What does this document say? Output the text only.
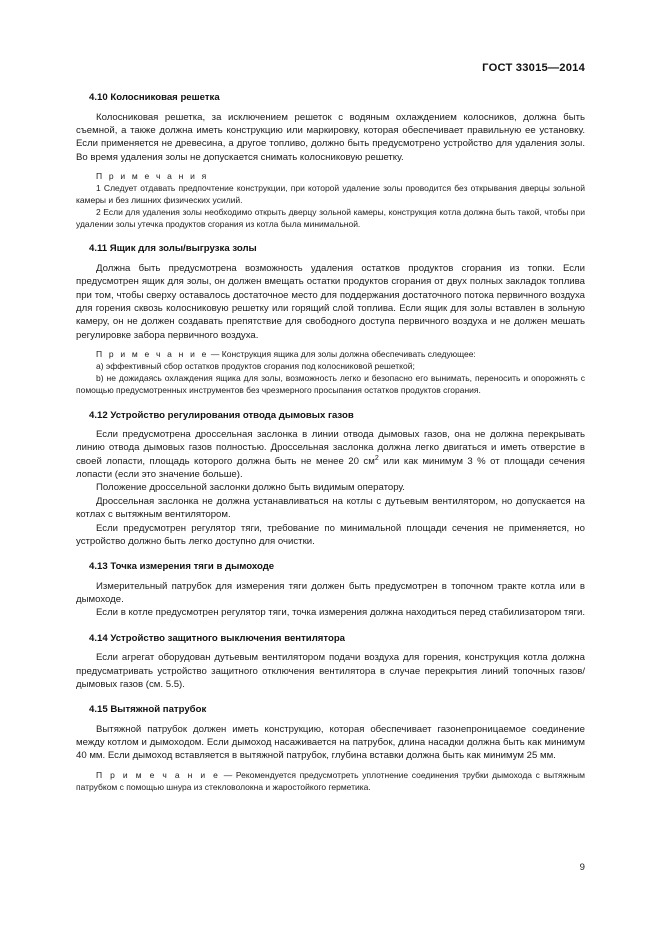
ГОСТ 33015—2014
4.10 Колосниковая решетка

Колосниковая решетка, за исключением решеток с водяным охлаждением колосников, должна быть съемной, а также должна иметь конструкцию или маркировку, которая обеспечивает правильную ее установку. Если применяется не древесина, а другое топливо, должно быть предусмотрено устройство для удаления золы. Во время удаления золы не допускается снимать колосниковую решетку.

П р и м е ч а н и я

1 Следует отдавать предпочтение конструкции, при которой удаление золы проводится без открывания дверцы зольной камеры и без лишних физических усилий.

2 Если для удаления золы необходимо открыть дверцу зольной камеры, конструкция котла должна быть такой, чтобы при удалении золы утечка продуктов сгорания из котла была минимальной.

4.11 Ящик для золы/выгрузка золы

Должна быть предусмотрена возможность удаления остатков продуктов сгорания из топки. Если предусмотрен ящик для золы, он должен вмещать остатки продуктов сгорания от двух полных закладок топлива при том, чтобы сверху оставалось достаточное место для поддержания достаточного потока первичного воздуха для горения сквозь колосниковую решетку или горящий слой топлива. Если ящик для золы вставлен в зольную камеру, он не должен создавать препятствие для свободного доступа первичного воздуха и не должен мешать регулировке забора первичного воздуха.

П р и м е ч а н и е — Конструкция ящика для золы должна обеспечивать следующее:

a) эффективный сбор остатков продуктов сгорания под колосниковой решеткой;

b) не дожидаясь охлаждения ящика для золы, возможность легко и безопасно его вынимать, переносить и опорожнять с помощью предусмотренных инструментов без чрезмерного просыпания остатков продуктов сгорания.

4.12 Устройство регулирования отвода дымовых газов

Если предусмотрена дроссельная заслонка в линии отвода дымовых газов, она не должна перекрывать линию отвода дымовых газов полностью. Дроссельная заслонка должна легко двигаться и иметь отверстие в своей лопасти, площадь которого должна быть не менее 20 $см^2$ или как минимум 3 % от площади сечения лопасти (если это значение больше).

Положение дроссельной заслонки должно быть видимым оператору.

Дроссельная заслонка не должна устанавливаться на котлы с дутьевым вентилятором, но допускается на котлах с вытяжным вентилятором.

Если предусмотрен регулятор тяги, требование по минимальной площади сечения не применяется, но устройство должно быть легко доступно для очистки.

4.13 Точка измерения тяги в дымоходе

Измерительный патрубок для измерения тяги должен быть предусмотрен в топочном тракте котла или в дымоходе.

Если в котле предусмотрен регулятор тяги, точка измерения должна находиться перед стабилизатором тяги.

4.14 Устройство защитного выключения вентилятора

Если агрегат оборудован дутьевым вентилятором подачи воздуха для горения, конструкция котла должна предусматривать устройство защитного отключения вентилятора в случае перекрытия линий топочных газов/дымовых газов (см. 5.5).

4.15 Вытяжной патрубок

Вытяжной патрубок должен иметь конструкцию, которая обеспечивает газонепроницаемое соединение между котлом и дымоходом. Если дымоход насаживается на патрубок, длина насадки должна быть как минимум 40 мм. Если дымоход вставляется в вытяжной патрубок, глубина вставки должна быть как минимум 25 мм.

П р и м е ч а н и е — Рекомендуется предусмотреть уплотнение соединения трубки дымохода с вытяжным патрубком с помощью шнура из стекловолокна и жаростойкого герметика.

9
